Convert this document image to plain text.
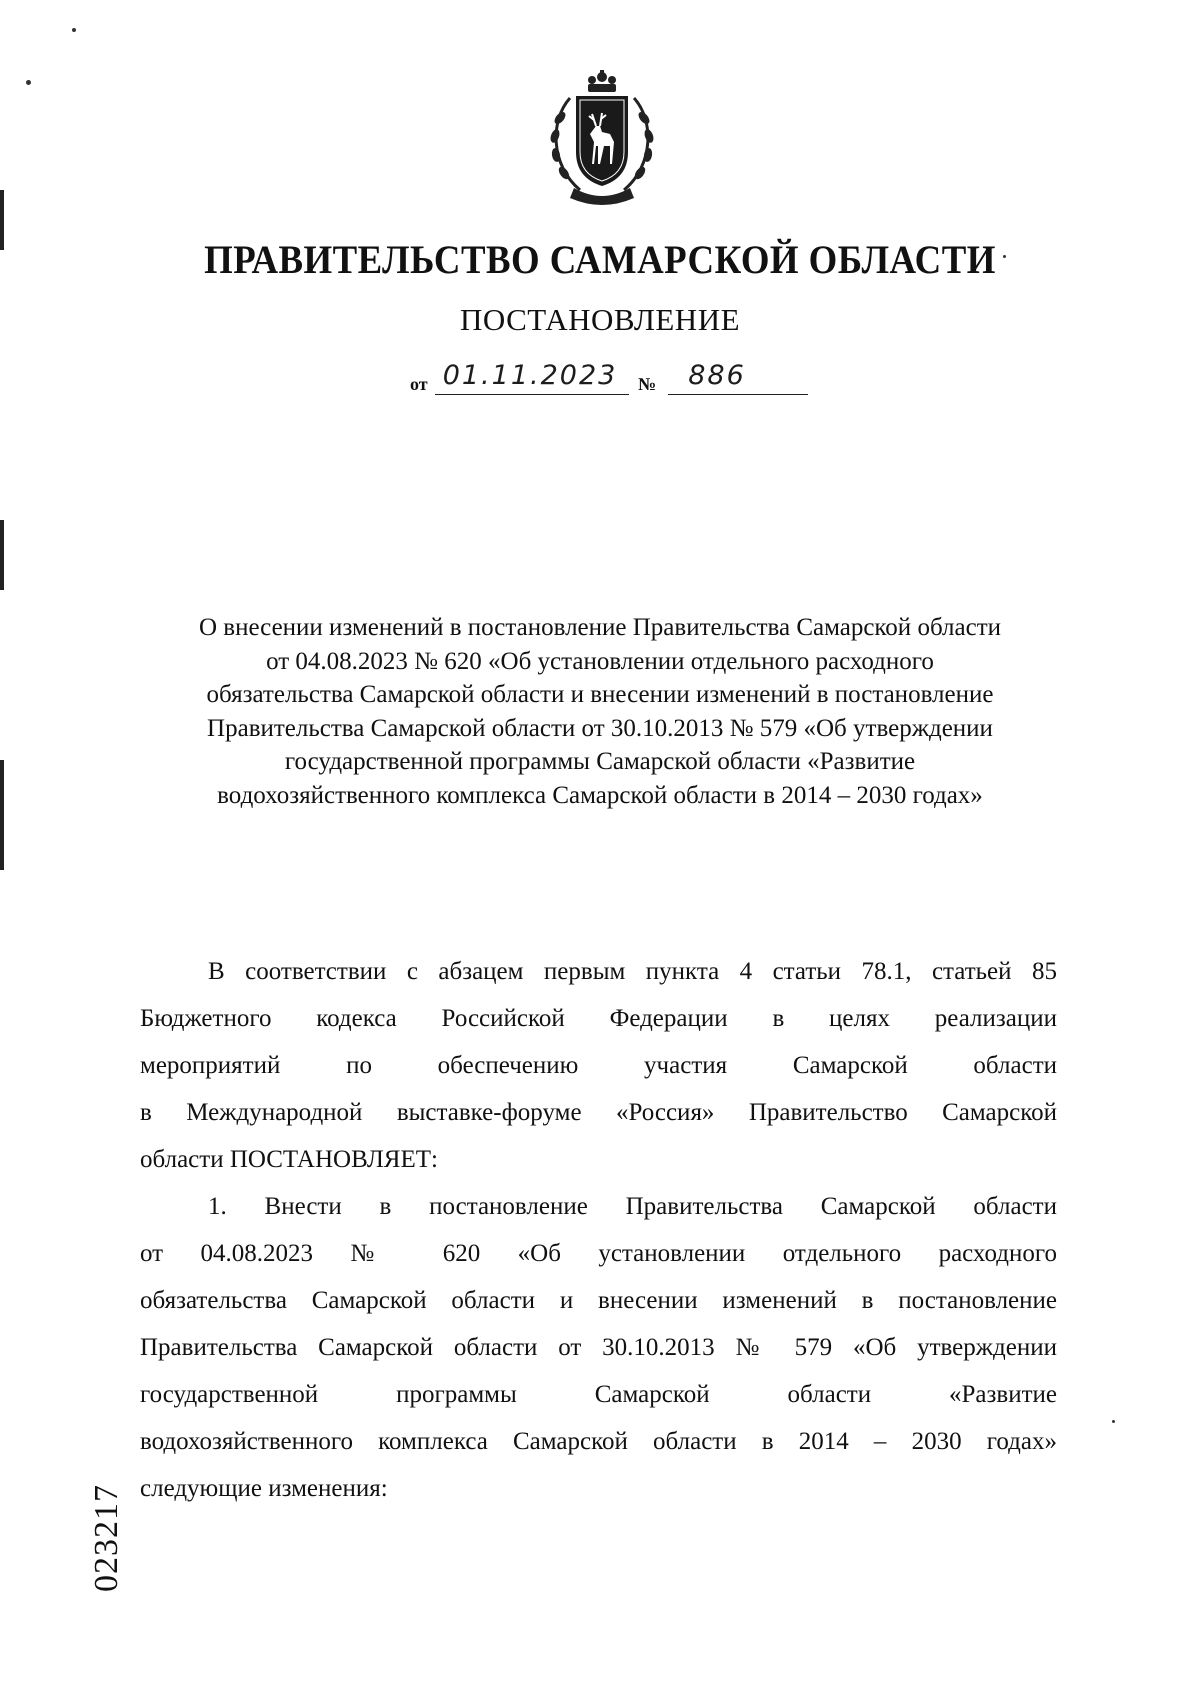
ПРАВИТЕЛЬСТВО САМАРСКОЙ ОБЛАСТИ
ПОСТАНОВЛЕНИЕ
от 01.11.2023 №	886
О внесении изменений в постановление Правительства Самарской области
от 04.08.2023 № 620 «Об установлении отдельного расходного
обязательства Самарской области и внесении изменений в постановление
Правительства Самарской области от 30.10.2013 № 579 «Об утверждении
государственной программы Самарской области «Развитие
водохозяйственного комплекса Самарской области в 2014 – 2030 годах»
В соответствии с абзацем первым пункта 4 статьи 78.1, статьей 85
Бюджетного кодекса Российской Федерации в целях реализации
мероприятий по обеспечению участия Самарской области
в Международной выставке-форуме «Россия» Правительство Самарской
области ПОСТАНОВЛЯЕТ:
1. Внести в постановление Правительства Самарской области
от 04.08.2023 № 620 «Об установлении отдельного расходного
обязательства Самарской области и внесении изменений в постановление
Правительства Самарской области от 30.10.2013 № 579 «Об утверждении
государственной программы Самарской области «Развитие
водохозяйственного комплекса Самарской области в 2014 – 2030 годах»
следующие изменения:
023217
